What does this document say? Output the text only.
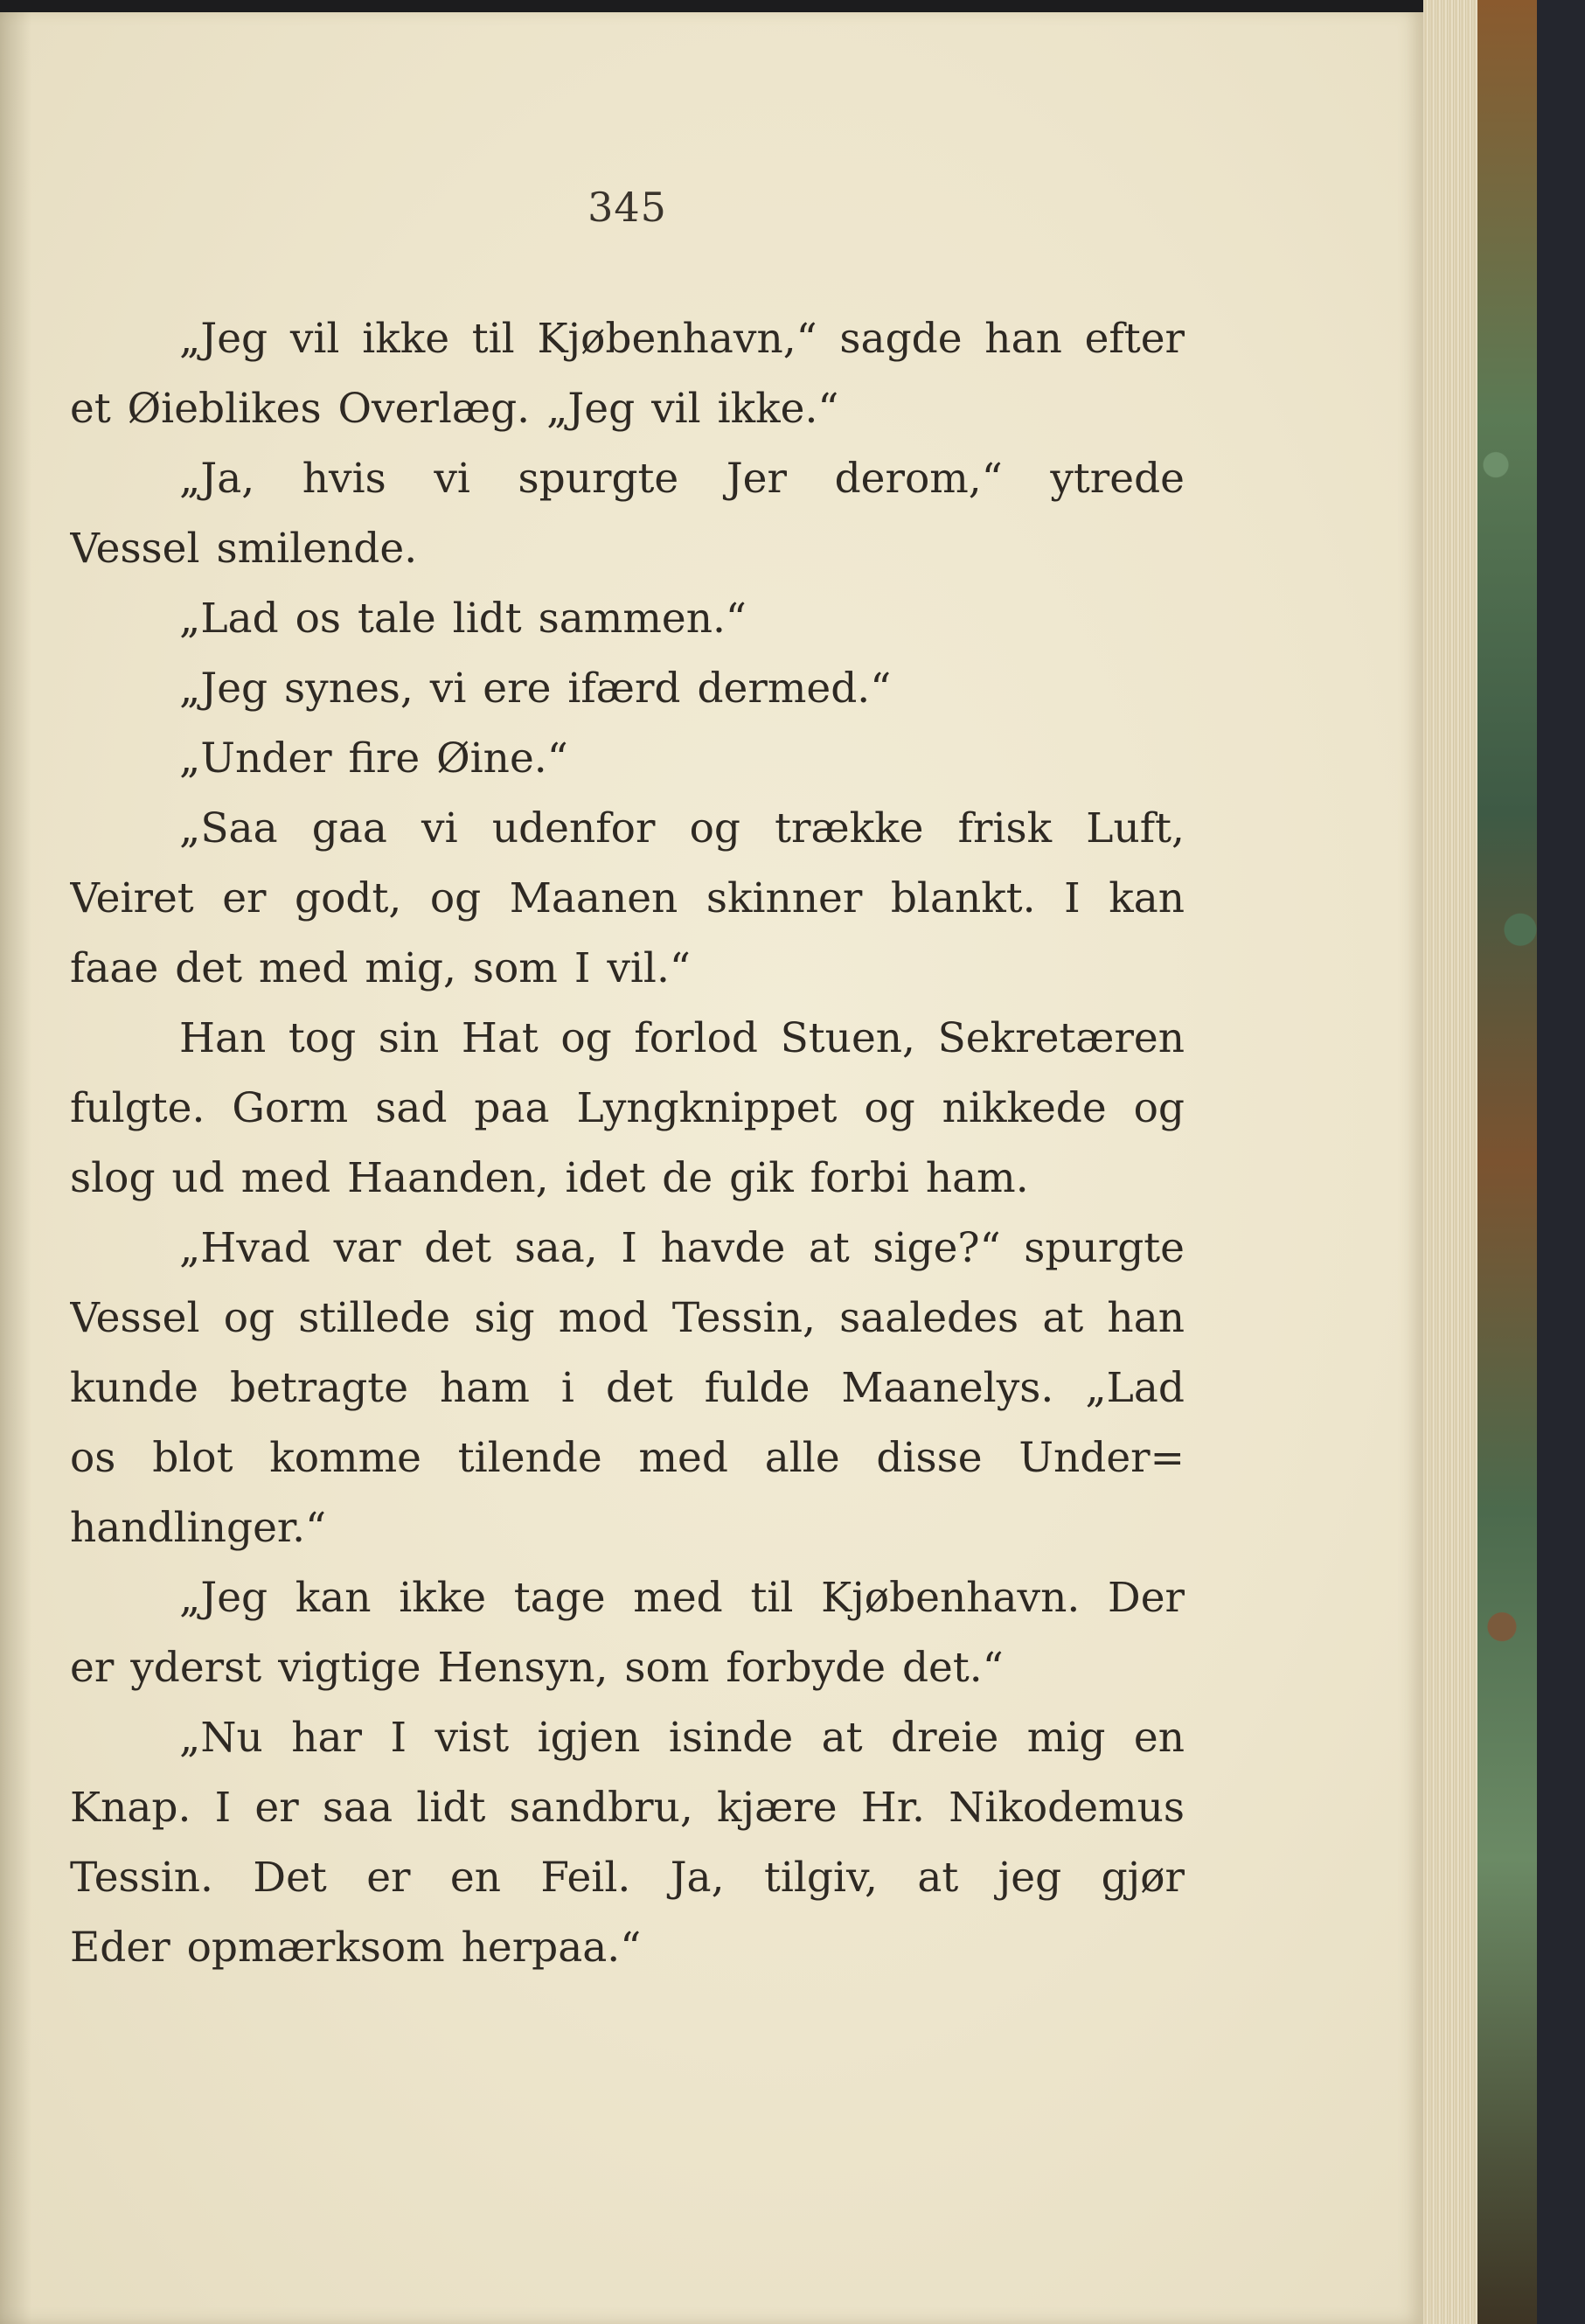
345
„Jeg vil ikke til Kjøbenhavn,“ sagde han efter
et Øieblikes Overlæg. „Jeg vil ikke.“
„Ja, hvis vi spurgte Jer derom,“ ytrede
Vessel smilende.
„Lad os tale lidt sammen.“
„Jeg synes, vi ere ifærd dermed.“
„Under fire Øine.“
„Saa gaa vi udenfor og trække frisk Luft,
Veiret er godt, og Maanen skinner blankt. I kan
faae det med mig, som I vil.“
Han tog sin Hat og forlod Stuen, Sekretæren
fulgte. Gorm sad paa Lyngknippet og nikkede og
slog ud med Haanden, idet de gik forbi ham.
„Hvad var det saa, I havde at sige?“ spurgte
Vessel og stillede sig mod Tessin, saaledes at han
kunde betragte ham i det fulde Maanelys. „Lad
os blot komme tilende med alle disse Under=
handlinger.“
„Jeg kan ikke tage med til Kjøbenhavn. Der
er yderst vigtige Hensyn, som forbyde det.“
„Nu har I vist igjen isinde at dreie mig en
Knap. I er saa lidt sandbru, kjære Hr. Nikodemus
Tessin. Det er en Feil. Ja, tilgiv, at jeg gjør
Eder opmærksom herpaa.“
